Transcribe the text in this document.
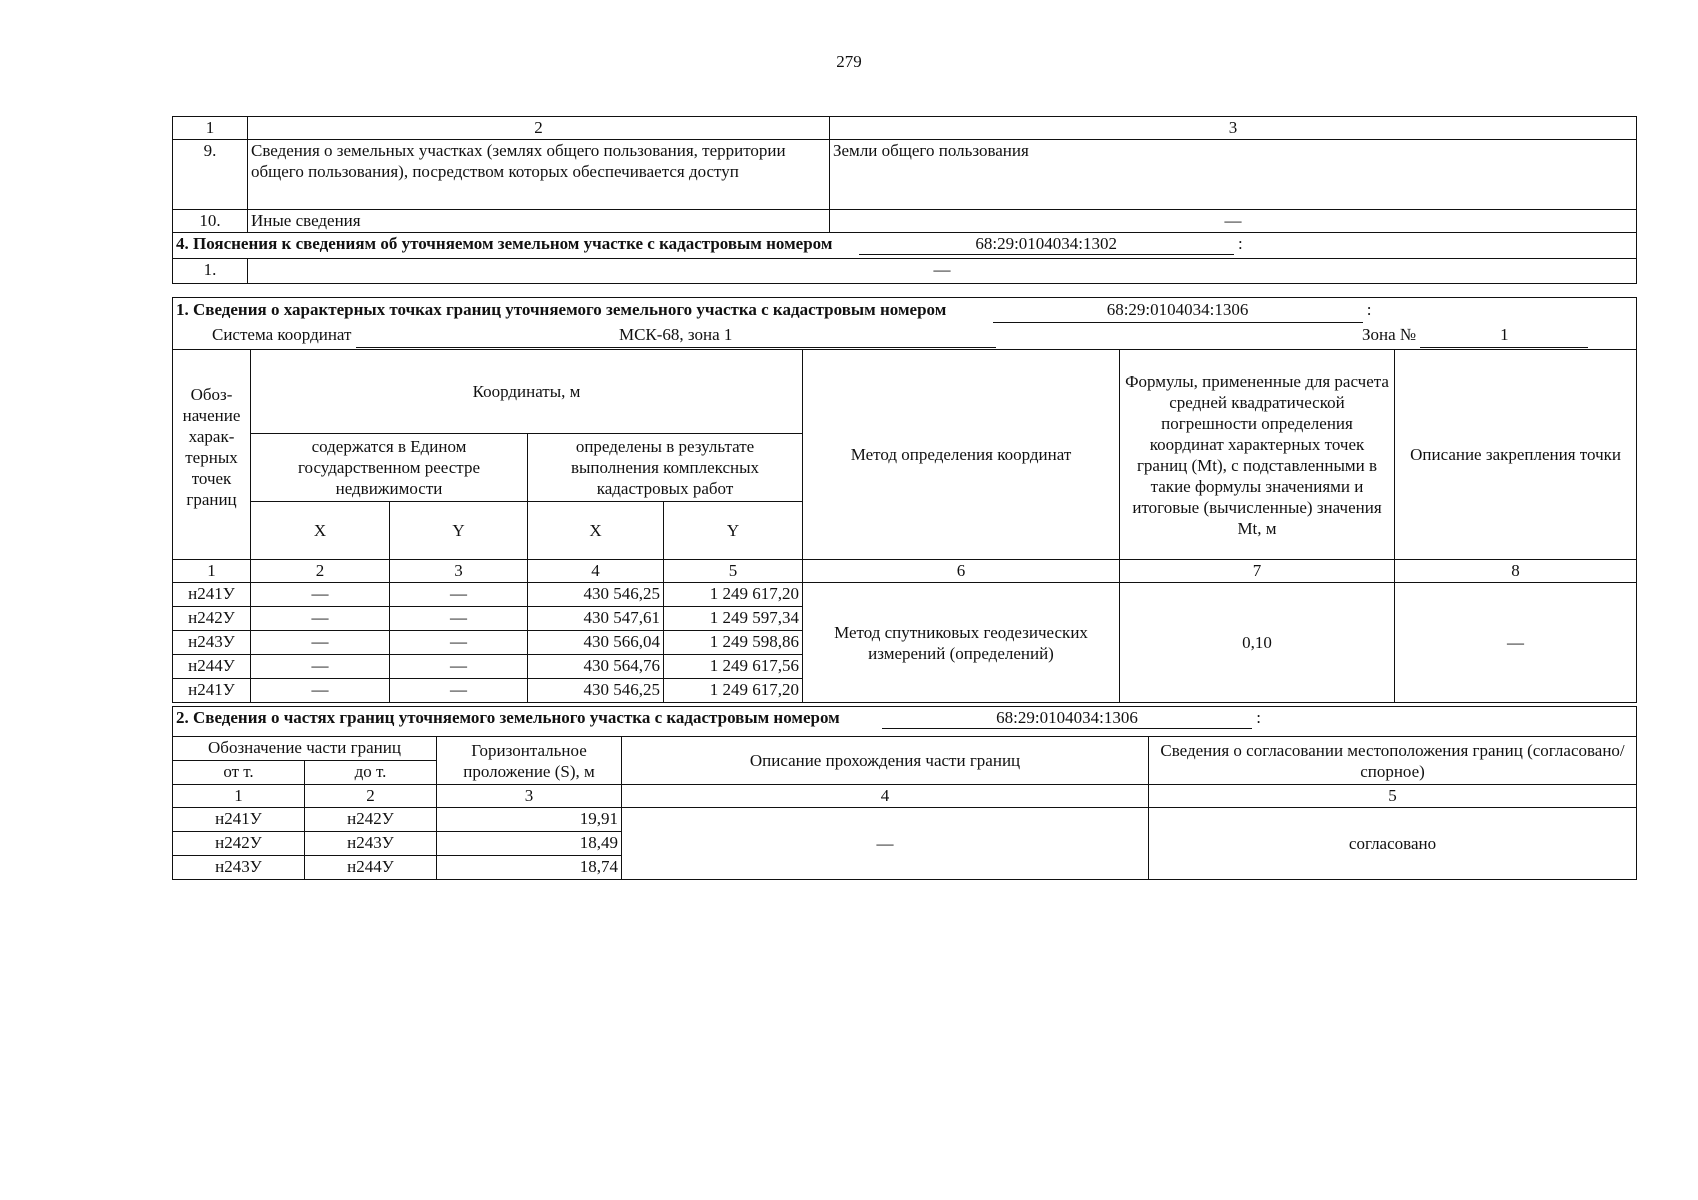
279
1	2	3
9.	Сведения о земельных участках (землях общего пользования, территории общего пользования), посредством которых обеспечивается доступ	Земли общего пользования
10.	Иные сведения	—
4. Пояснения к сведениям об уточняемом земельном участке с кадастровым номером 68:29:0104034:1302 :		
1.	—	
1. Сведения о характерных точках границ уточняемого земельного участка с кадастровым номером 68:29:0104034:1306 :
Система координат МСК-68, зона 1 Зона № 1							
Обоз-начение харак-терных точек границ	Координаты, м				Метод определения координат	Формулы, примененные для расчета средней квадратической погрешности определения координат характерных точек границ (Mt), с подставленными в такие формулы значениями и итоговые (вычисленные) значения Mt, м	Описание закрепления точки
	содержатся в Едином государственном реестре недвижимости		определены в результате выполнения комплексных кадастровых работ				
	X	Y	X	Y			
1	2	3	4	5	6	7	8
н241У	—	—	430 546,25	1 249 617,20	Метод спутниковых геодезических измерений (определений)	0,10	—
н242У	—	—	430 547,61	1 249 597,34			
н243У	—	—	430 566,04	1 249 598,86			
н244У	—	—	430 564,76	1 249 617,56			
н241У	—	—	430 546,25	1 249 617,20			
2. Сведения о частях границ уточняемого земельного участка с кадастровым номером 68:29:0104034:1306 :				
Обозначение части границ		Горизонтальное проложение (S), м	Описание прохождения части границ	Сведения о согласовании местоположения границ (согласовано/спорное)
от т.	до т.			
1	2	3	4	5
н241У	н242У	19,91	—	согласовано
н242У	н243У	18,49		
н243У	н244У	18,74		
